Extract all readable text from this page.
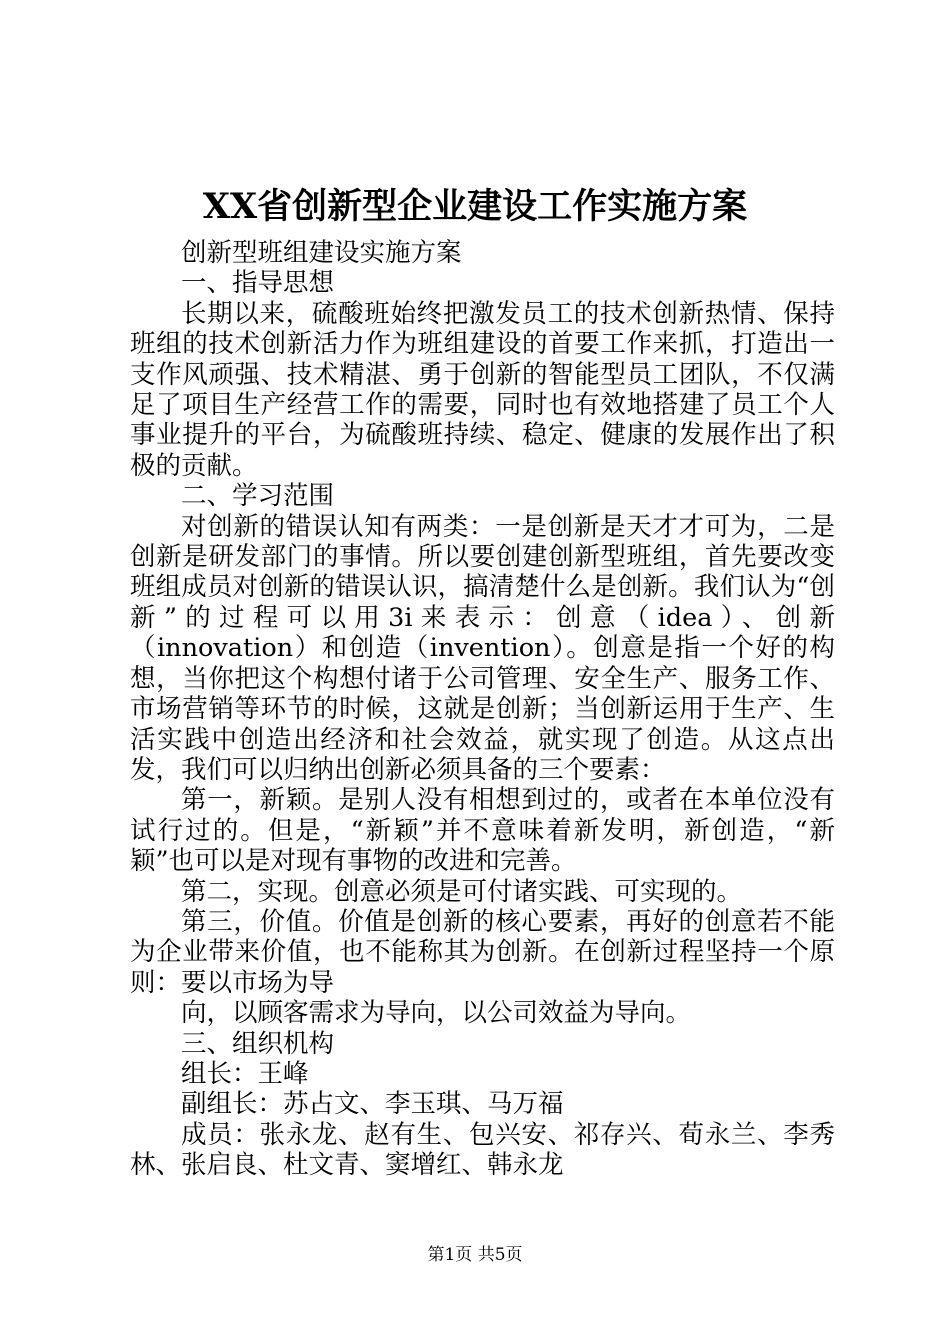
XX省创新型企业建设工作实施方案

创新型班组建设实施方案

一、指导思想

长期以来，硫酸班始终把激发员工的技术创新热情、保持班组的技术创新活力作为班组建设的首要工作来抓，打造出一支作风顽强、技术精湛、勇于创新的智能型员工团队，不仅满足了项目生产经营工作的需要，同时也有效地搭建了员工个人事业提升的平台，为硫酸班持续、稳定、健康的发展作出了积极的贡献。

二、学习范围

对创新的错误认知有两类：一是创新是天才才可为，二是创新是研发部门的事情。所以要创建创新型班组，首先要改变班组成员对创新的错误认识，搞清楚什么是创新。我们认为“创新”的过程可以用3i来表示：创意（idea）、创新（innovation）和创造（invention）。创意是指一个好的构想，当你把这个构想付诸于公司管理、安全生产、服务工作、市场营销等环节的时候，这就是创新；当创新运用于生产、生活实践中创造出经济和社会效益，就实现了创造。从这点出发，我们可以归纳出创新必须具备的三个要素：

第一，新颖。是别人没有相想到过的，或者在本单位没有试行过的。但是，“新颖”并不意味着新发明，新创造，“新颖”也可以是对现有事物的改进和完善。

第二，实现。创意必须是可付诸实践、可实现的。

第三，价值。价值是创新的核心要素，再好的创意若不能为企业带来价值，也不能称其为创新。在创新过程坚持一个原则：要以市场为导

向，以顾客需求为导向，以公司效益为导向。

三、组织机构

组长：王峰

副组长：苏占文、李玉琪、马万福

成员：张永龙、赵有生、包兴安、祁存兴、荀永兰、李秀林、张启良、杜文青、窦增红、韩永龙

第1页 共5页
